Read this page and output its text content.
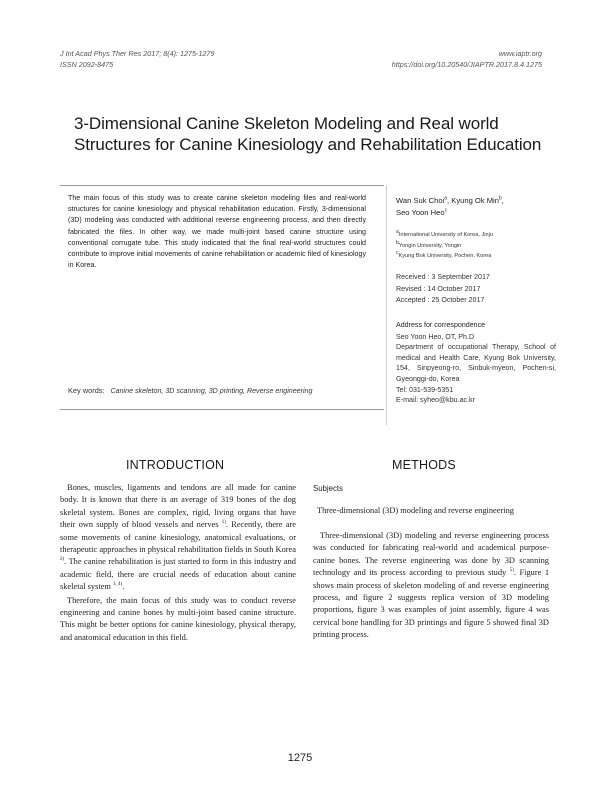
J Int Acad Phys Ther Res 2017; 8(4): 1275-1279
ISSN 2092-8475
www.iaptr.org
https://doi.org/10.20540/JIAPTR.2017.8.4.1275
3-Dimensional Canine Skeleton Modeling and Real world Structures for Canine Kinesiology and Rehabilitation Education
The main focus of this study was to create canine skeleton modeling files and real-world structures for canine kinesiology and physical rehabilitation education. Firstly, 3-dimensional (3D) modeling was conducted with additional reverse engineering process, and then directly fabricated the files. In other way, we made multi-joint based canine structure using conventional corrugate tube. This study indicated that the final real-world structures could contribute to improve initial movements of canine rehabilitation or academic filed of kinesiology in Korea.
Key words: Canine skeleton, 3D scanning, 3D printing, Reverse engineering
Wan Suk Choi$^a$, Kyung Ok Min$^b$,
Seo Yoon Heo$^c$
$^a$International University of Korea, Jinju
$^b$Yongin University, Yongin
$^c$Kyung Bok University, Pochen, Korea
Received : 3 September 2017
Revised : 14 October 2017
Accepted : 25 October 2017
Address for correspondence
Seo Yoon Heo, OT, Ph.D
Department of occupational Therapy, School of medical and Health Care, Kyung Bok University, 154, Sinpyeong-ro, Sinbuk-myeon, Pochen-si, Gyeonggi-do, Korea
Tel: 031-539-5351
E-mail: syheo@kbu.ac.kr
INTRODUCTION	METHODS

Bones, muscles, ligaments and tendons are all made for canine body. It is known that there is an average of 319 bones of the dog skeletal system. Bones are complex, rigid, living organs that have their own supply of blood vessels and nerves $^{1)}$. Recently, there are some movements of canine kinesiology, anatomical evaluations, or therapeutic approaches in physical rehabilitation fields in South Korea $^{2)}$. The canine rehabilitation is just started to form in this industry and academic field, there are crucial needs of education about canine skeletal system $^{3, 4)}$.

Therefore, the main focus of this study was to conduct reverse engineering and canine bones by multi-joint based canine structure. This might be better options for canine kinesiology, physical therapy, and anatomical education in this field.

Subjects
Three-dimensional (3D) modeling and reverse engineering

Three-dimensional (3D) modeling and reverse engineering process was conducted for fabricating real-world and academical purpose-canine bones. The reverse engineering was done by 3D scanning technology and its process according to previous study $^{5)}$. Figure 1 shows main process of skeleton modeling of and reverse engineering process, and figure 2 suggests replica version of 3D modeling proportions, figure 3 was examples of joint assembly, figure 4 was cervical bone handling for 3D printings and figure 5 showed final 3D printing process.

1275
